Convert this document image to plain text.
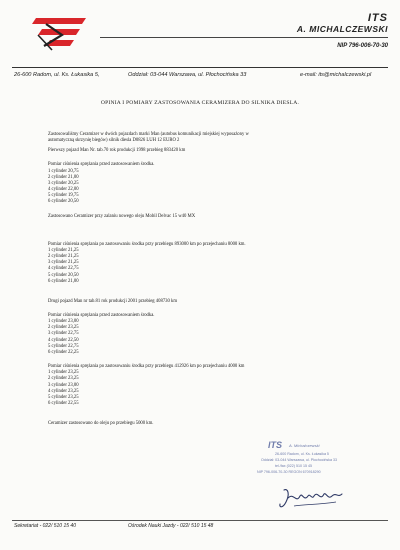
ITS
A. MICHALCZEWSKI
NIP 796-006-70-30
26-600 Radom, ul. Ks. Łukasika 5,	Oddział: 03-044 Warszawa, ul. Płochocińska 33	e-mail: its@michalczewski.pl
OPINIA I POMIARY ZASTOSOWANIA CERAMIZERA DO SILNIKA DIESLA.
Zastosowaliśmy Ceramizer w dwóch pojazdach marki Man (autobus komunikacji miejskiej wyposażony w
automatyczną skrzynię biegów) silnik diesla D0826 LUH 12 EURO 2
Pierwszy pojazd Man Nr. tab.70 rok produkcji 1998 przebieg 883420 km
Pomiar ciśnienia sprężania przed zastosowaniem środka.
1 cylinder 20,75
2 cylinder 21,00
3 cylinder 20,25
4 cylinder 22,00
5 cylinder 19,75
6 cylinder 20,50
Zastosowano Ceramizer przy zalaniu nowego oleju Mobil Delvac 15 w40 MX
Pomiar ciśnienia sprężania po zastosowaniu środka przy przebiegu 893000 km po przejechaniu 8000 km.
1 cylinder 21,25
2 cylinder 21,25
3 cylinder 21,25
4 cylinder 22,75
5 cylinder 20,50
6 cylinder 21,00
Drugi pojazd Man nr tab.81 rok produkcji 2001 przebieg 408730 km
Pomiar ciśnienia sprężania przed zastosowaniem środka.
1 cylinder 23,00
2 cylinder 23,25
3 cylinder 22,75
4 cylinder 22,50
5 cylinder 22,75
6 cylinder 22,25
Pomiar ciśnienia sprężania po zastosowaniu środka przy przebiegu 412926 km po przejechaniu 4000 km
1 cylinder 23,25
2 cylinder 23,25
3 cylinder 23,00
4 cylinder 23,25
5 cylinder 23,25
6 cylinder 22,55
Ceramizer zastosowano do oleju po przebiegu 5000 km.
ITS A. Michalczewski
26-600 Radom, ul. Ks. Łukasika 5
Oddział: 03-044 Warszawa, ul. Płochocińska 33
tel./fax (022) 510 15 45
NIP 796-006-70-30 REGON 670918290
Sekretariat - 022/ 510 15 40	Ośrodek Nauki Jazdy - 022/ 510 15 48
